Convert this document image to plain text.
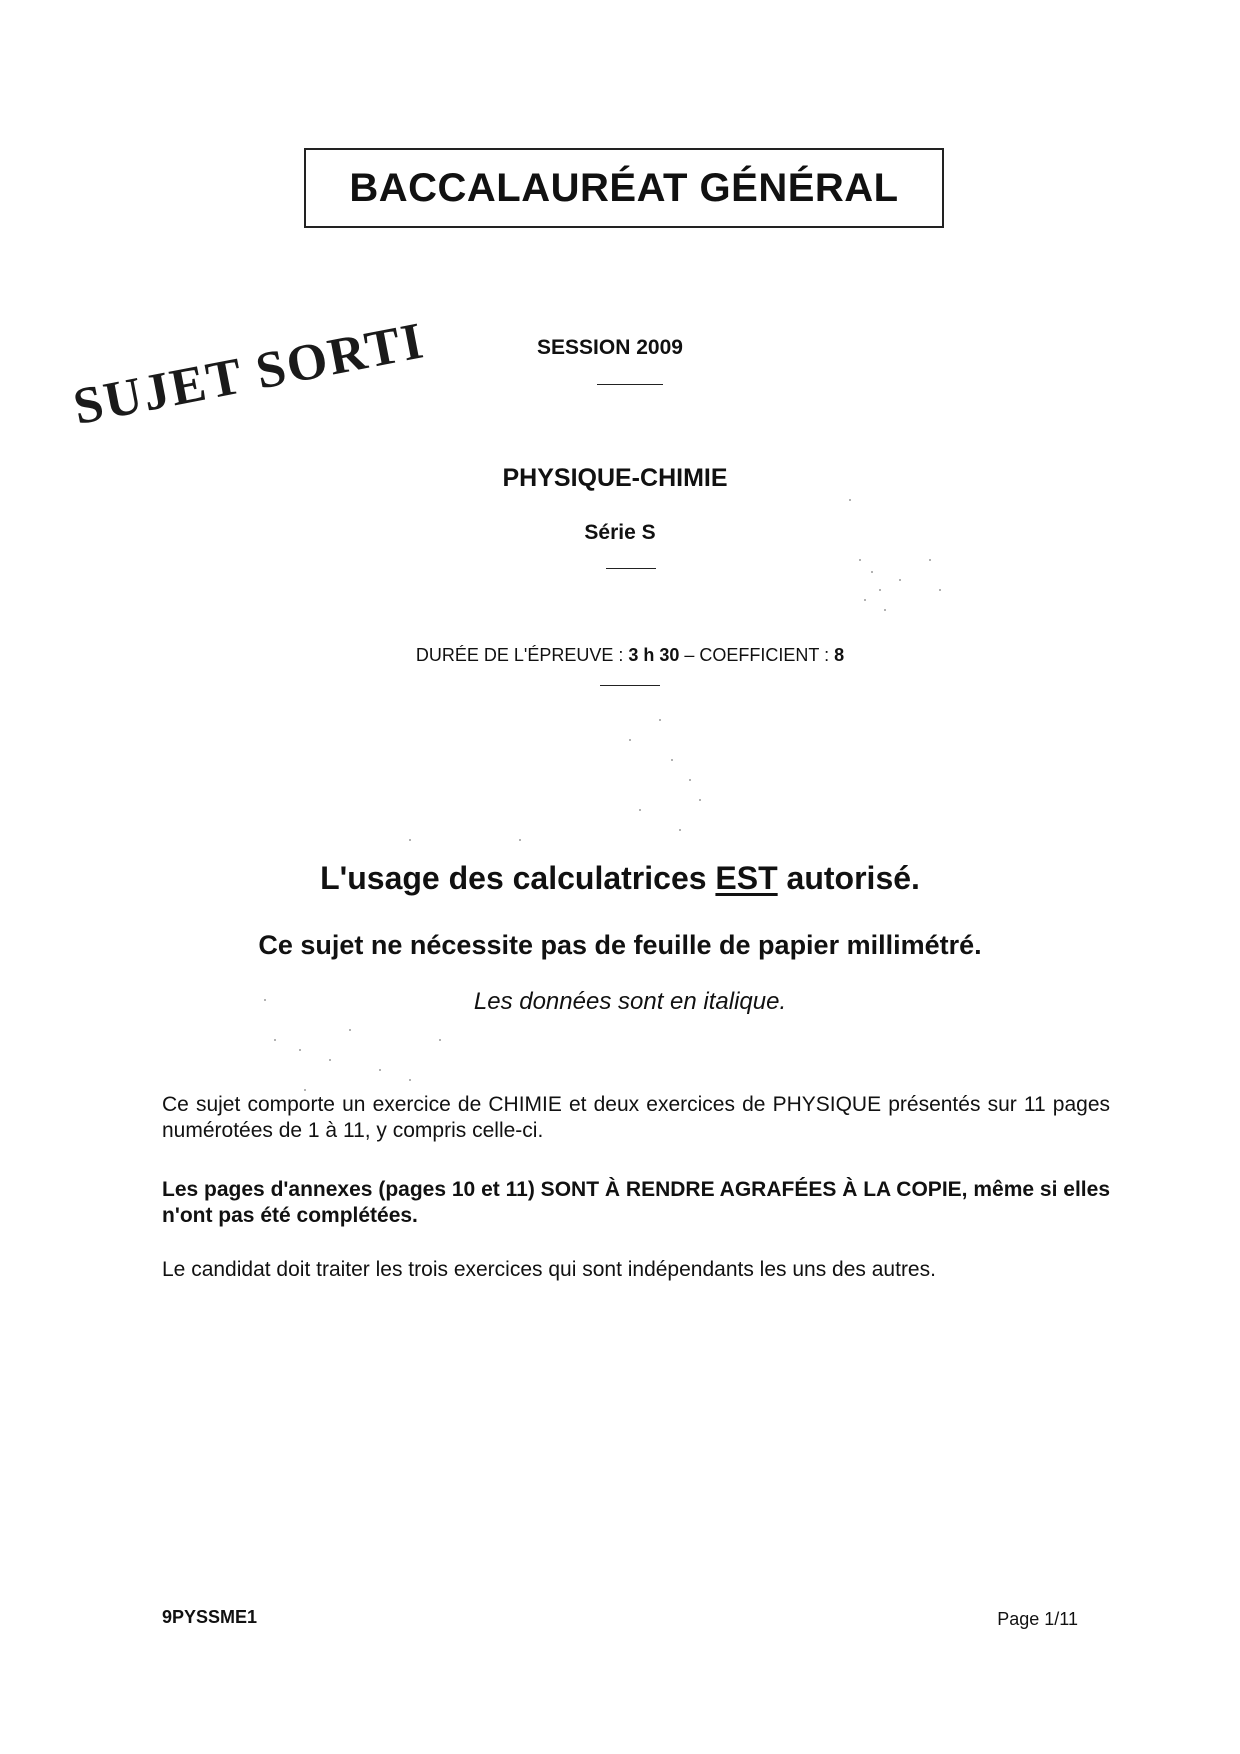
BACCALAURÉAT GÉNÉRAL
SUJET SORTI	SESSION 2009
PHYSIQUE-CHIMIE
Série S
DURÉE DE L'ÉPREUVE : 3 h 30 – COEFFICIENT : 8
L'usage des calculatrices EST autorisé.
Ce sujet ne nécessite pas de feuille de papier millimétré.
Les données sont en italique.
Ce sujet comporte un exercice de CHIMIE et deux exercices de PHYSIQUE présentés sur 11 pages numérotées de 1 à 11, y compris celle-ci.
Les pages d'annexes (pages 10 et 11) SONT À RENDRE AGRAFÉES À LA COPIE, même si elles n'ont pas été complétées.
Le candidat doit traiter les trois exercices qui sont indépendants les uns des autres.
9PYSSME1	Page 1/11
